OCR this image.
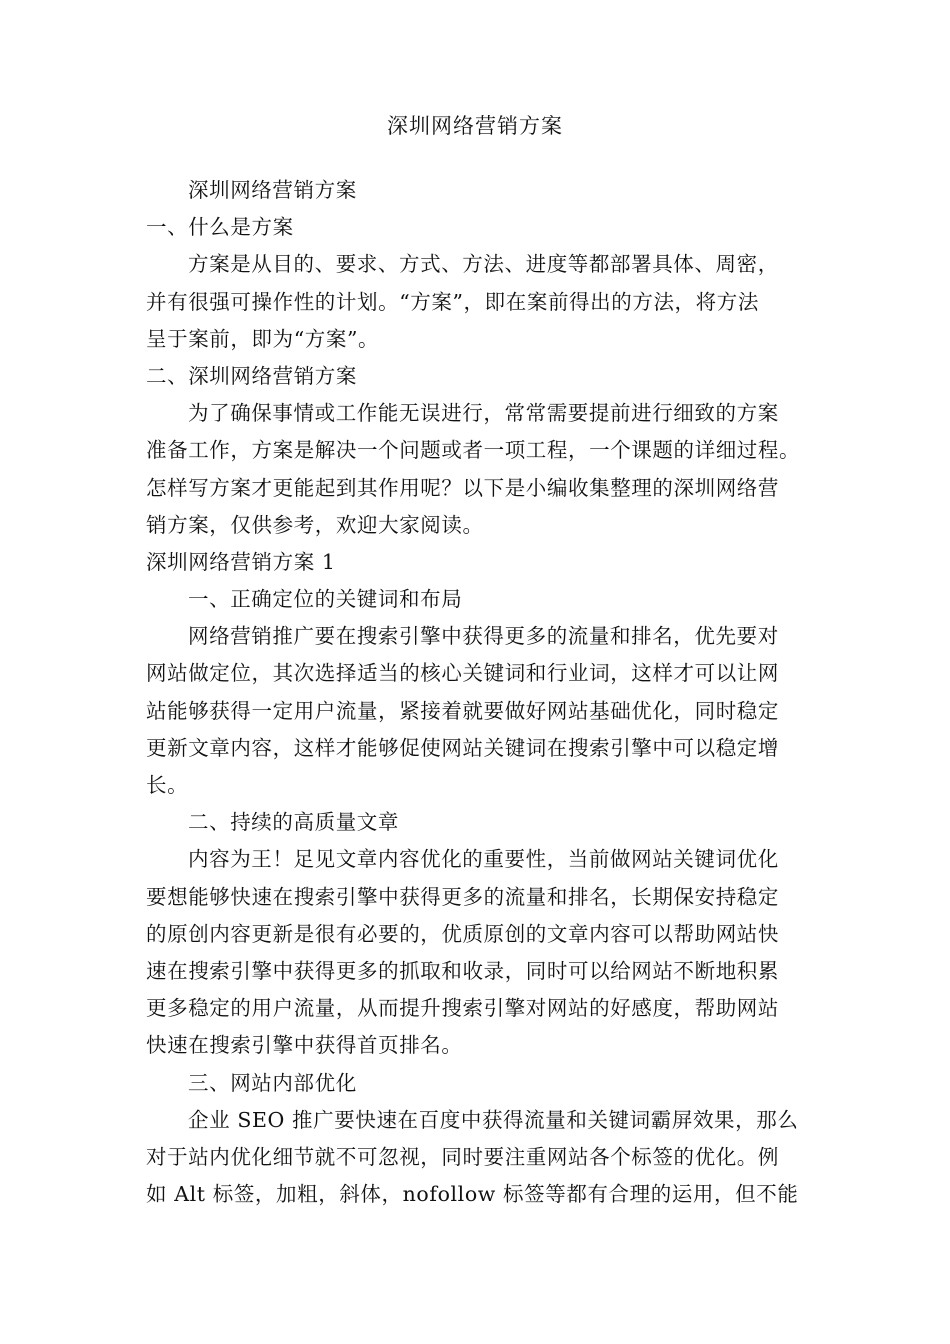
深圳网络营销方案
深圳网络营销方案
一、什么是方案
方案是从目的、要求、方式、方法、进度等都部署具体、周密，
并有很强可操作性的计划。“方案”，即在案前得出的方法，将方法
呈于案前，即为“方案”。
二、深圳网络营销方案
为了确保事情或工作能无误进行，常常需要提前进行细致的方案
准备工作，方案是解决一个问题或者一项工程，一个课题的详细过程。
怎样写方案才更能起到其作用呢？以下是小编收集整理的深圳网络营
销方案，仅供参考，欢迎大家阅读。
深圳网络营销方案 1
一、正确定位的关键词和布局
网络营销推广要在搜索引擎中获得更多的流量和排名，优先要对
网站做定位，其次选择适当的核心关键词和行业词，这样才可以让网
站能够获得一定用户流量，紧接着就要做好网站基础优化，同时稳定
更新文章内容，这样才能够促使网站关键词在搜索引擎中可以稳定增
长。
二、持续的高质量文章
内容为王！足见文章内容优化的重要性，当前做网站关键词优化
要想能够快速在搜索引擎中获得更多的流量和排名，长期保安持稳定
的原创内容更新是很有必要的，优质原创的文章内容可以帮助网站快
速在搜索引擎中获得更多的抓取和收录，同时可以给网站不断地积累
更多稳定的用户流量，从而提升搜索引擎对网站的好感度，帮助网站
快速在搜索引擎中获得首页排名。
三、网站内部优化
企业 SEO 推广要快速在百度中获得流量和关键词霸屏效果，那么
对于站内优化细节就不可忽视，同时要注重网站各个标签的优化。例
如 Alt 标签，加粗，斜体，nofollow 标签等都有合理的运用，但不能
